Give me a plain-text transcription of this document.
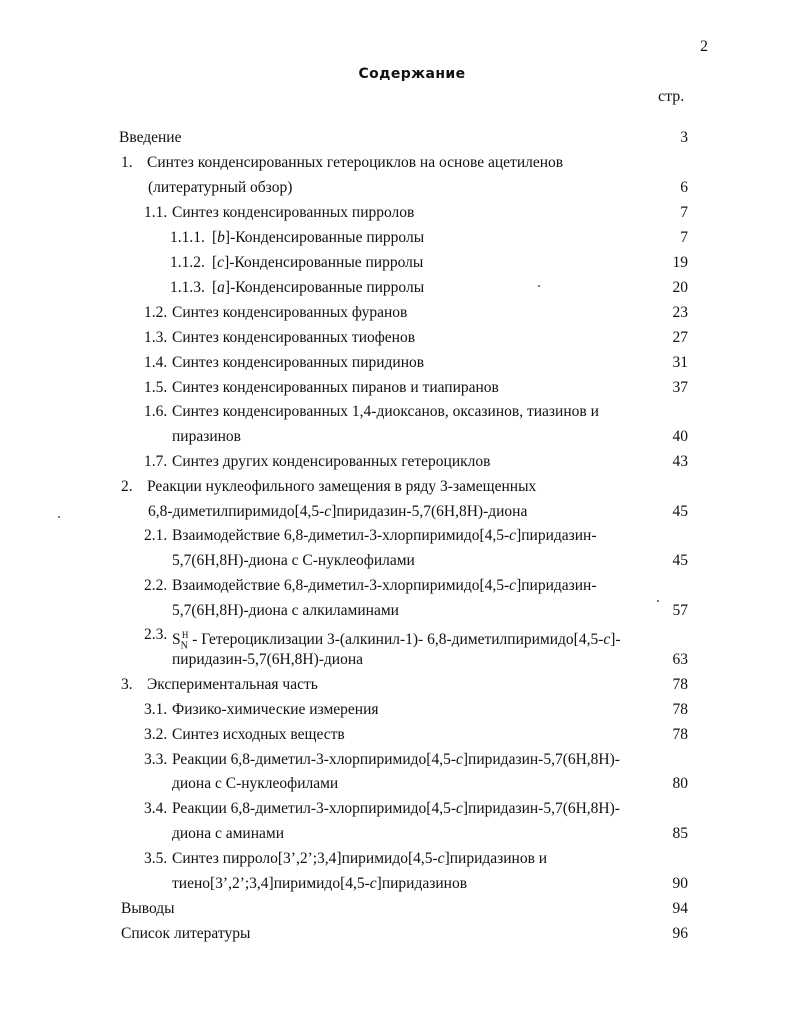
2
Содержание
стр.
Введение	3
1. Синтез конденсированных гетероциклов на основе ацетиленов
(литературный обзор)	6
1.1. Синтез конденсированных пирролов	7
1.1.1. [b]-Конденсированные пирролы	7
1.1.2. [c]-Конденсированные пирролы	19
1.1.3. [a]-Конденсированные пирролы	20
1.2. Синтез конденсированных фуранов	23
1.3. Синтез конденсированных тиофенов	27
1.4. Синтез конденсированных пиридинов	31
1.5. Синтез конденсированных пиранов и тиапиранов	37
1.6. Синтез конденсированных 1,4-диоксанов, оксазинов, тиазинов и
пиразинов	40
1.7. Синтез других конденсированных гетероциклов	43
2. Реакции нуклеофильного замещения в ряду 3-замещенных
6,8-диметилпиримидо[4,5-c]пиридазин-5,7(6H,8H)-диона	45
2.1. Взаимодействие 6,8-диметил-3-хлорпиримидо[4,5-c]пиридазин-
5,7(6H,8H)-диона с C-нуклеофилами	45
2.2. Взаимодействие 6,8-диметил-3-хлорпиримидо[4,5-c]пиридазин-
5,7(6H,8H)-диона с алкиламинами	57
2.3. $S_N^H$ - Гетероциклизации 3-(алкинил-1)- 6,8-диметилпиримидо[4,5-c]-
пиридазин-5,7(6H,8H)-диона	63
3. Экспериментальная часть	78
3.1. Физико-химические измерения	78
3.2. Синтез исходных веществ	78
3.3. Реакции 6,8-диметил-3-хлорпиримидо[4,5-c]пиридазин-5,7(6H,8H)-
диона с C-нуклеофилами	80
3.4. Реакции 6,8-диметил-3-хлорпиримидо[4,5-c]пиридазин-5,7(6H,8H)-
диона с аминами	85
3.5. Синтез пирроло[3’,2’;3,4]пиримидо[4,5-c]пиридазинов и
тиено[3’,2’;3,4]пиримидо[4,5-c]пиридазинов	90
Выводы	94
Список литературы	96
